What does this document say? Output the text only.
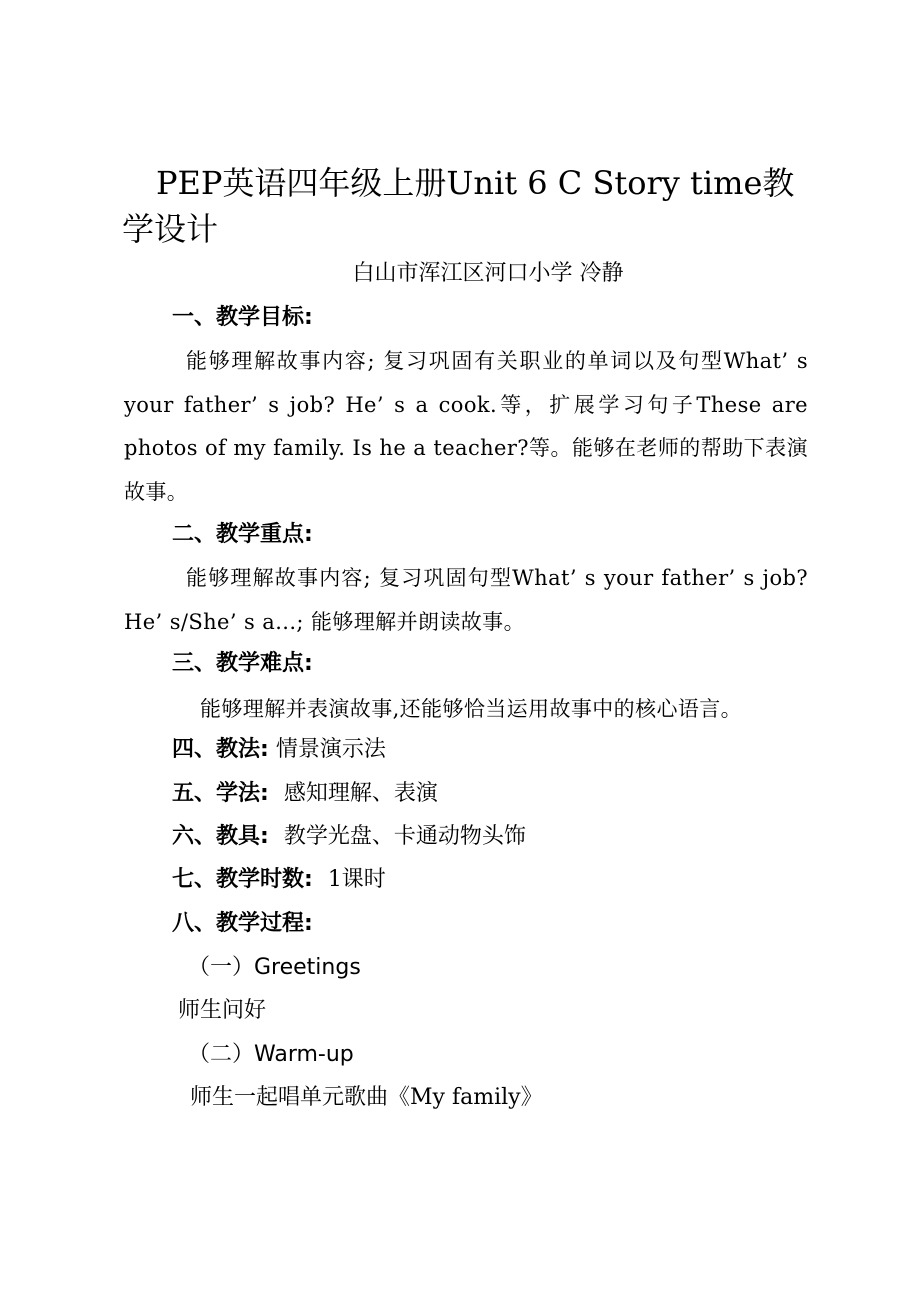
PEP英语四年级上册Unit 6 C Story time教学设计
白山市浑江区河口小学 冷静
一、教学目标:
能够理解故事内容; 复习巩固有关职业的单词以及句型What’ s your father’ s job? He’ s a cook.等，扩展学习句子These are photos of my family. Is he a teacher?等。能够在老师的帮助下表演故事。
二、教学重点:
能够理解故事内容; 复习巩固句型What’ s your father’ s job? He’ s/She’ s a...; 能够理解并朗读故事。
三、教学难点:
能够理解并表演故事,还能够恰当运用故事中的核心语言。
四、教法: 情景演示法
五、学法: 感知理解、表演
六、教具: 教学光盘、卡通动物头饰
七、教学时数: 1课时
八、教学过程:
（一）Greetings
师生问好
（二）Warm-up
师生一起唱单元歌曲《My family》
